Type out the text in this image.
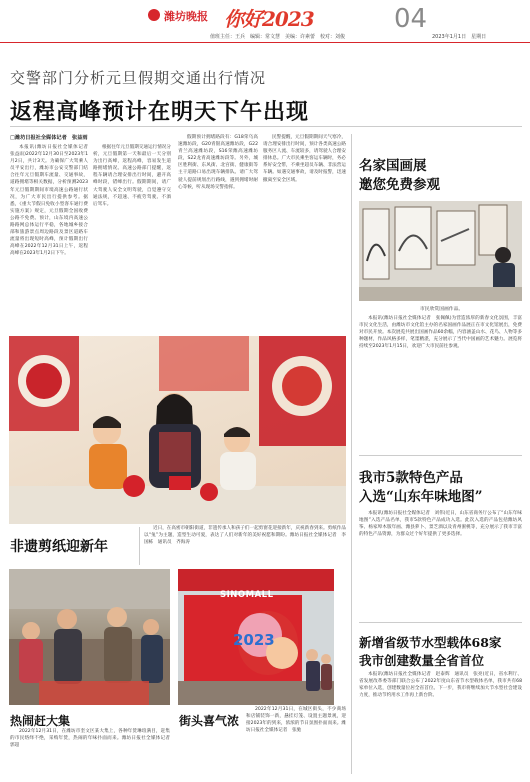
潍坊晚报 你好2023	04
值班主任：王兵　编辑：常文慧　美编：许素蕾　校对：刘俊	2023年1月1日　星期日
交警部门分析元旦假期交通出行情况
返程高峰预计在明天下午出现
□潍坊日报社全媒体记者　张益雨

本报讯(潍坊日报社全媒体记者　张益雨)2022年12月30日至2023年1月2日，共计3天。为确保广大驾乘人员平安出行，潍坊市公安交警部门结合往年元旦假期车流量、交通事故，道路拥堵等相关数据，分析预测2023年元旦假期期间市境高速公路通行状况，为广大市民出行提供参考。据悉，《重大节假日免收小型客车通行费实施方案》规定，元旦假期全国收费公路不免费。预计，山东境内高速公路路网总体运行平稳，各地城乡接合部和旅游景点周边路段及景区道路车流量将出现短时高峰，预计假期出行高峰在2022年12月31日上午，返程高峰在2023年1月2日下午。

根据往年元旦假期交通运行情况分析，元旦假期第一天和最后一天分别为出行高峰，返程高峰，容易发生道路拥堵情况。高速公路部门提醒，返程车辆请合理安排出行时间，避开高峰时段，错峰出行。假期期间，请广大驾驶人安全文明驾驶，自觉遵守交通法规，不超速、不疲劳驾驶、不酒后驾车。

假期预计拥堵路段有：G18荣乌高速潍坊段，G20青银高速潍坊段，G22青兰高速潍坊段，S16荣潍高速潍坊段，S22龙青高速潍坊段等。另外，城区胜利街、东风街、北宫街、健康街等主干道路口易出现车辆排队。请广大驾驶人提前规划出行路线，遇到拥堵时耐心等候，听从现场交警指挥。

民警提醒，元旦假期期间天气寒冷，请合理安排出行时间，预计各类高速公路服务区人流、车流较多，请驾驶人合理安排休息。广大市民乘坐客运车辆时，务必系好安全带，不乘坐超员车辆、非法营运车辆。如遇交通事故，请及时报警，迅速撤离至安全区域。

非遗剪纸迎新年

近日，在高密市朝阳街道，非遗传承人和孩子们一起剪窗花迎接新年，庆祝新春到来。剪纸作品以“兔”为主题，造型生动可爱，表达了人们对新年的美好祝愿和期盼。潍坊日报社全媒体记者　李国栋　通讯员　齐海涛

热闹赶大集

2022年12月31日，在潍坊市奎文区某大集上，各种年货琳琅满目，赶集的市民络绎不绝，采购年货，热闹的年味扑面而来。潍坊日报社全媒体记者　郭超

SINOMALL
2023
街头喜气浓

2022年12月31日，在城区街头，不少商场和店铺装饰一新，悬挂灯笼、设置主题景观，迎接2023年的到来，浓浓的节日氛围扑面而来。潍坊日报社全媒体记者　张驰

名家国画展
邀您免费参观
市民欣赏国画作品。

本报讯(潍坊日报社全媒体记者　张佩佩)为营造浓厚的新春文化氛围，丰富市民文化生活，由潍坊市文化馆主办的名家国画作品展正在市文化馆展出，免费对市民开放。本次展览共展出国画作品60余幅，内容涵盖山水、花鸟、人物等多种题材，作品风格多样，笔墨精湛，充分展示了当代中国画的艺术魅力。展览将持续至2023年1月15日，欢迎广大市民前往参观。

我市5款特色产品
入选“山东年味地图”

本报讯(潍坊日报社全媒体记者　刘伟)近日，山东省商务厅公布了“山东年味地图”入选产品名单，我市5款特色产品成功入选。此次入选的产品包括潍坊风筝、杨家埠木版年画、潍县萝卜、景芝酒以及青州蜜桃等，充分展示了我市丰富的特色产品资源，为群众过个好年提供了更多选择。

新增省级节水型载体68家
我市创建数量全省首位

本报讯(潍坊日报社全媒体记者　赵泰辉　通讯员　张亮)近日，省水利厅、省发展改革委等部门联合公布了2022年度山东省节水型载体名单，我市共有68家单位入选，创建数量位居全省首位。下一步，我市将继续加大节水型社会建设力度，推动节约用水工作再上新台阶。
